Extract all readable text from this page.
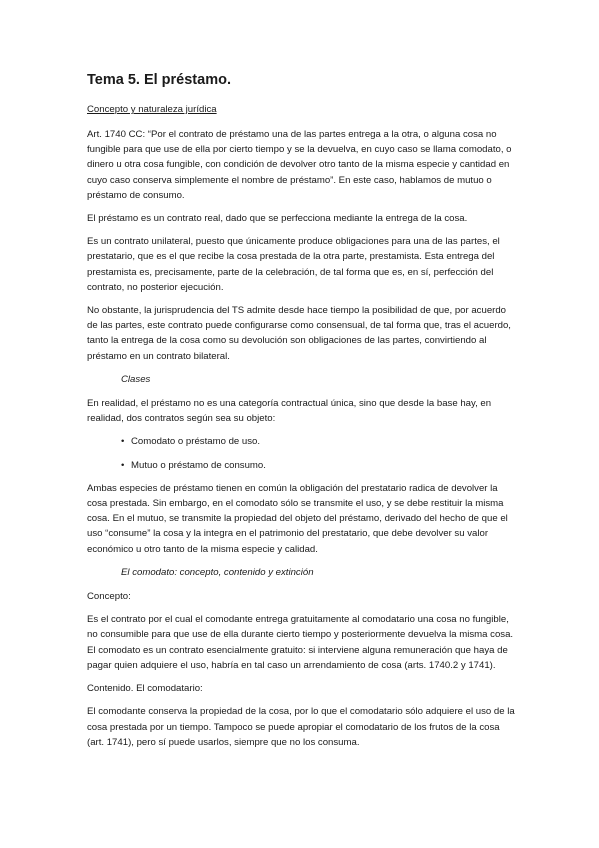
Tema 5. El préstamo.
Concepto y naturaleza jurídica

Art. 1740 CC: “Por el contrato de préstamo una de las partes entrega a la otra, o alguna cosa no fungible para que use de ella por cierto tiempo y se la devuelva, en cuyo caso se llama comodato, o dinero u otra cosa fungible, con condición de devolver otro tanto de la misma especie y cantidad en cuyo caso conserva simplemente el nombre de préstamo”. En este caso, hablamos de mutuo o préstamo de consumo.

El préstamo es un contrato real, dado que se perfecciona mediante la entrega de la cosa.

Es un contrato unilateral, puesto que únicamente produce obligaciones para una de las partes, el prestatario, que es el que recibe la cosa prestada de la otra parte, prestamista. Esta entrega del prestamista es, precisamente, parte de la celebración, de tal forma que es, en sí, perfección del contrato, no posterior ejecución.

No obstante, la jurisprudencia del TS admite desde hace tiempo la posibilidad de que, por acuerdo de las partes, este contrato puede configurarse como consensual, de tal forma que, tras el acuerdo, tanto la entrega de la cosa como su devolución son obligaciones de las partes, convirtiendo al préstamo en un contrato bilateral.

Clases

En realidad, el préstamo no es una categoría contractual única, sino que desde la base hay, en realidad, dos contratos según sea su objeto:

• Comodato o préstamo de uso.
• Mutuo o préstamo de consumo.

Ambas especies de préstamo tienen en común la obligación del prestatario radica de devolver la cosa prestada. Sin embargo, en el comodato sólo se transmite el uso, y se debe restituir la misma cosa. En el mutuo, se transmite la propiedad del objeto del préstamo, derivado del hecho de que el uso “consume” la cosa y la integra en el patrimonio del prestatario, que debe devolver su valor económico u otro tanto de la misma especie y calidad.

El comodato: concepto, contenido y extinción

Concepto:

Es el contrato por el cual el comodante entrega gratuitamente al comodatario una cosa no fungible, no consumible para que use de ella durante cierto tiempo y posteriormente devuelva la misma cosa. El comodato es un contrato esencialmente gratuito: si interviene alguna remuneración que haya de pagar quien adquiere el uso, habría en tal caso un arrendamiento de cosa (arts. 1740.2 y 1741).

Contenido. El comodatario:

El comodante conserva la propiedad de la cosa, por lo que el comodatario sólo adquiere el uso de la cosa prestada por un tiempo. Tampoco se puede apropiar el comodatario de los frutos de la cosa (art. 1741), pero sí puede usarlos, siempre que no los consuma.
